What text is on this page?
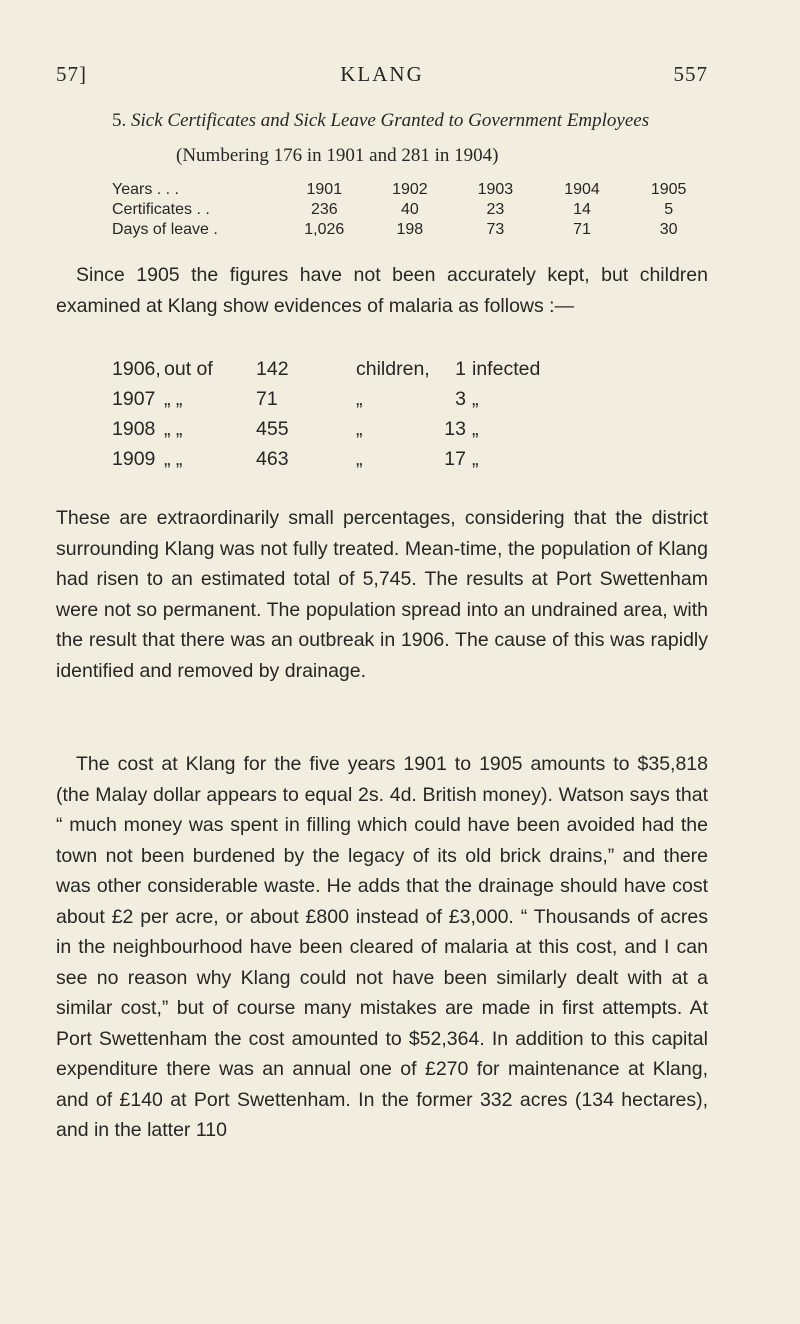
57]	KLANG	557
5. Sick Certificates and Sick Leave Granted to Government Employees
(Numbering 176 in 1901 and 281 in 1904)
Years . . .	1901	1902	1903	1904	1905
Certificates . .	236	40	23	14	5
Days of leave .	1,026	198	73	71	30

Since 1905 the figures have not been accurately kept, but children examined at Klang show evidences of malaria as follows :—

1906,	out of	142	children,	1	infected
1907	„ „	71	„	3	„
1908	„ „	455	„	13	„
1909	„ „	463	„	17	„

These are extraordinarily small percentages, considering that the district surrounding Klang was not fully treated. Mean-time, the population of Klang had risen to an estimated total of 5,745. The results at Port Swettenham were not so permanent. The population spread into an undrained area, with the result that there was an outbreak in 1906. The cause of this was rapidly identified and removed by drainage.

The cost at Klang for the five years 1901 to 1905 amounts to $35,818 (the Malay dollar appears to equal 2s. 4d. British money). Watson says that “ much money was spent in filling which could have been avoided had the town not been burdened by the legacy of its old brick drains,” and there was other considerable waste. He adds that the drainage should have cost about £2 per acre, or about £800 instead of £3,000. “ Thousands of acres in the neighbourhood have been cleared of malaria at this cost, and I can see no reason why Klang could not have been similarly dealt with at a similar cost,” but of course many mistakes are made in first attempts. At Port Swettenham the cost amounted to $52,364. In addition to this capital expenditure there was an annual one of £270 for maintenance at Klang, and of £140 at Port Swettenham. In the former 332 acres (134 hectares), and in the latter 110
